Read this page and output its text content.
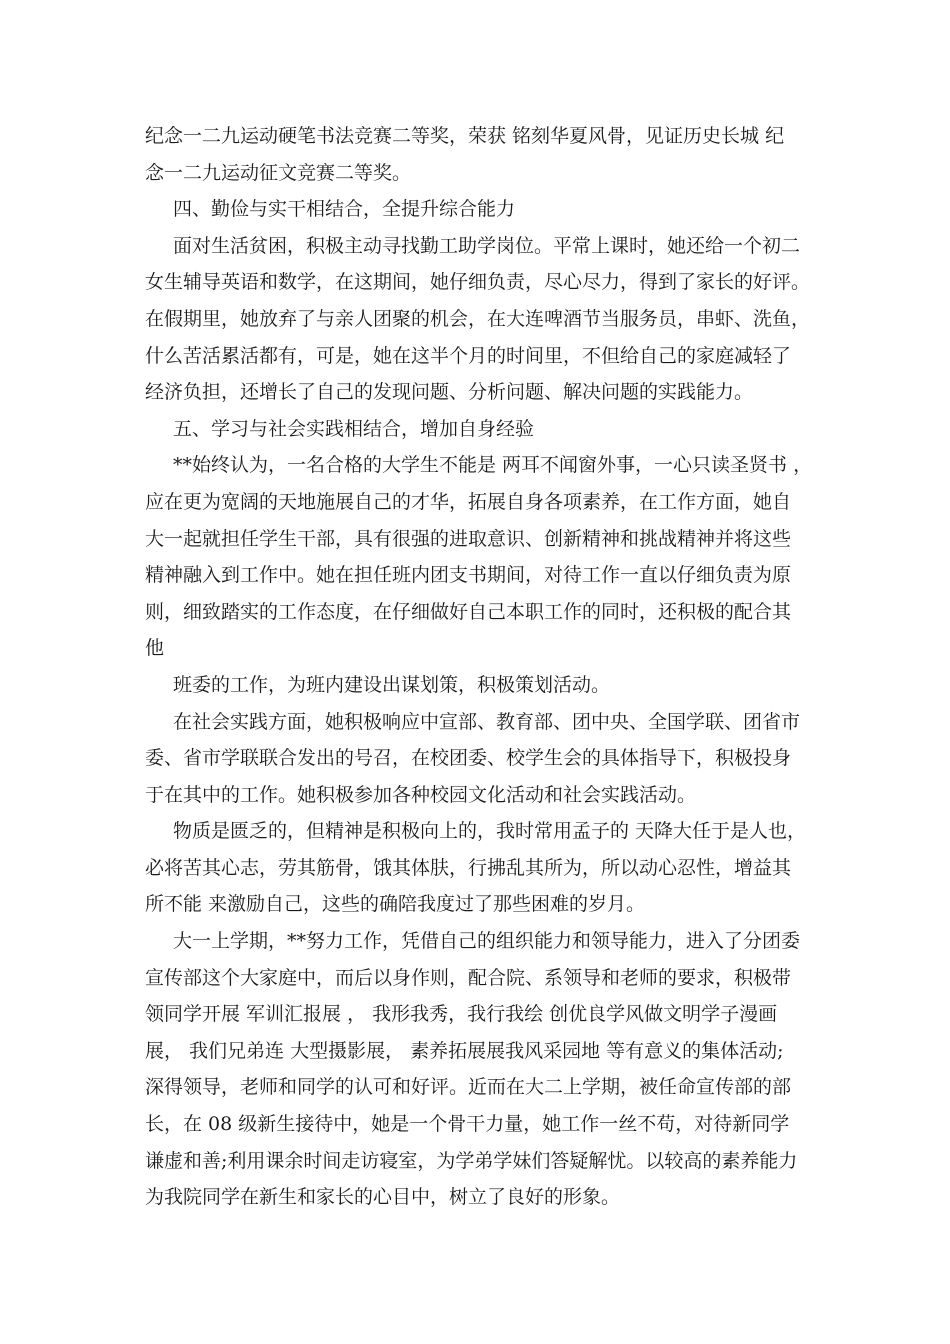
纪念一二九运动硬笔书法竞赛二等奖，荣获 铭刻华夏风骨，见证历史长城 纪
念一二九运动征文竞赛二等奖。
四、勤俭与实干相结合，全提升综合能力
面对生活贫困，积极主动寻找勤工助学岗位。平常上课时，她还给一个初二
女生辅导英语和数学，在这期间，她仔细负责，尽心尽力，得到了家长的好评。
在假期里，她放弃了与亲人团聚的机会，在大连啤酒节当服务员，串虾、洗鱼，
什么苦活累活都有，可是，她在这半个月的时间里，不但给自己的家庭减轻了
经济负担，还增长了自己的发现问题、分析问题、解决问题的实践能力。
五、学习与社会实践相结合，增加自身经验
**始终认为，一名合格的大学生不能是 两耳不闻窗外事，一心只读圣贤书 ，
应在更为宽阔的天地施展自己的才华，拓展自身各项素养，在工作方面，她自
大一起就担任学生干部，具有很强的进取意识、创新精神和挑战精神并将这些
精神融入到工作中。她在担任班内团支书期间，对待工作一直以仔细负责为原
则，细致踏实的工作态度，在仔细做好自己本职工作的同时，还积极的配合其
他
班委的工作，为班内建设出谋划策，积极策划活动。
在社会实践方面，她积极响应中宣部、教育部、团中央、全国学联、团省市
委、省市学联联合发出的号召，在校团委、校学生会的具体指导下，积极投身
于在其中的工作。她积极参加各种校园文化活动和社会实践活动。
物质是匮乏的，但精神是积极向上的，我时常用孟子的 天降大任于是人也，
必将苦其心志，劳其筋骨，饿其体肤，行拂乱其所为，所以动心忍性，增益其
所不能 来激励自己，这些的确陪我度过了那些困难的岁月。
大一上学期，**努力工作，凭借自己的组织能力和领导能力，进入了分团委
宣传部这个大家庭中，而后以身作则，配合院、系领导和老师的要求，积极带
领同学开展 军训汇报展 ， 我形我秀，我行我绘 创优良学风做文明学子漫画
展， 我们兄弟连 大型摄影展， 素养拓展展我风采园地 等有意义的集体活动;
深得领导，老师和同学的认可和好评。近而在大二上学期，被任命宣传部的部
长，在 08 级新生接待中，她是一个骨干力量，她工作一丝不苟，对待新同学
谦虚和善;利用课余时间走访寝室，为学弟学妹们答疑解忧。以较高的素养能力
为我院同学在新生和家长的心目中，树立了良好的形象。
